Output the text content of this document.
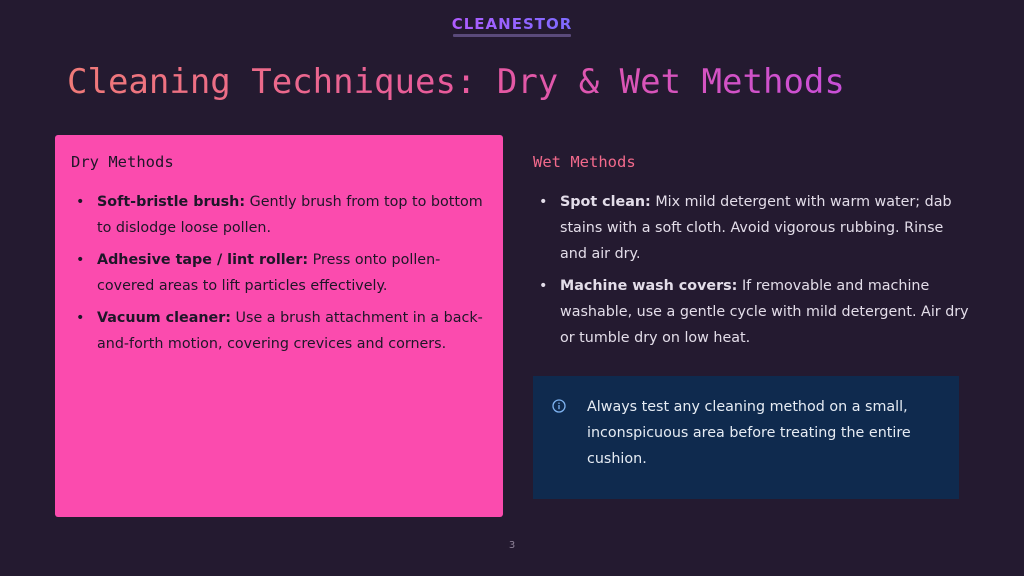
CLEANESTOR
Cleaning Techniques: Dry & Wet Methods
Dry Methods
• Soft-bristle brush: Gently brush from top to bottom to dislodge loose pollen.
• Adhesive tape / lint roller: Press onto pollen-covered areas to lift particles effectively.
• Vacuum cleaner: Use a brush attachment in a back-and-forth motion, covering crevices and corners.
Wet Methods
• Spot clean: Mix mild detergent with warm water; dab stains with a soft cloth. Avoid vigorous rubbing. Rinse and air dry.
• Machine wash covers: If removable and machine washable, use a gentle cycle with mild detergent. Air dry or tumble dry on low heat.

Always test any cleaning method on a small, inconspicuous area before treating the entire cushion.

3
